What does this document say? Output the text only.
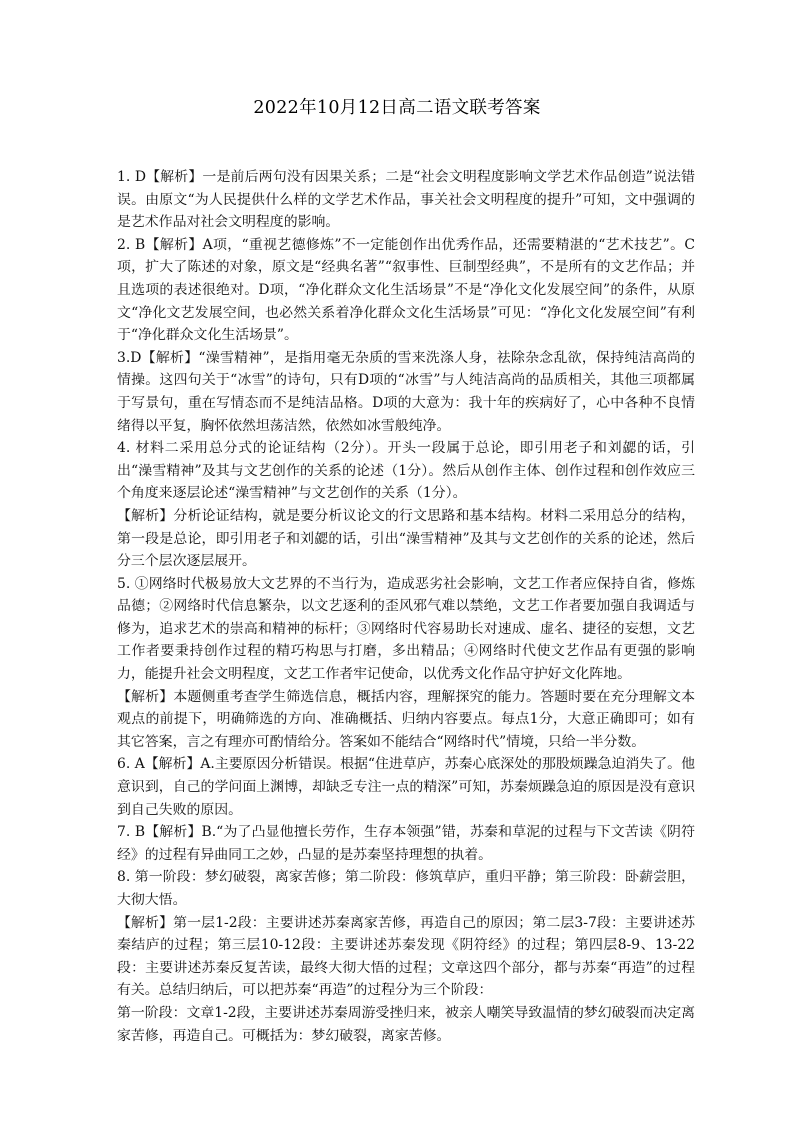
2022年10月12日高二语文联考答案

1. D【解析】一是前后两句没有因果关系；二是“社会文明程度影响文学艺术作品创造”说法错误。由原文“为人民提供什么样的文学艺术作品，事关社会文明程度的提升”可知，文中强调的是艺术作品对社会文明程度的影响。

2. B【解析】A项，“重视艺德修炼”不一定能创作出优秀作品，还需要精湛的“艺术技艺”。C项，扩大了陈述的对象，原文是“经典名著”“叙事性、巨制型经典”，不是所有的文艺作品；并且选项的表述很绝对。D项，“净化群众文化生活场景”不是“净化文化发展空间”的条件，从原文“净化文艺发展空间，也必然关系着净化群众文化生活场景”可见：“净化文化发展空间”有利于“净化群众文化生活场景”。

3.D【解析】“澡雪精神”，是指用毫无杂质的雪来洗涤人身，祛除杂念乱欲，保持纯洁高尚的情操。这四句关于“冰雪”的诗句，只有D项的“冰雪”与人纯洁高尚的品质相关，其他三项都属于写景句，重在写情态而不是纯洁品格。D项的大意为：我十年的疾病好了，心中各种不良情绪得以平复，胸怀依然坦荡洁然，依然如冰雪般纯净。

4. 材料二采用总分式的论证结构（2分）。开头一段属于总论，即引用老子和刘勰的话，引出“澡雪精神”及其与文艺创作的关系的论述（1分）。然后从创作主体、创作过程和创作效应三个角度来逐层论述“澡雪精神”与文艺创作的关系（1分）。

【解析】分析论证结构，就是要分析议论文的行文思路和基本结构。材料二采用总分的结构，第一段是总论，即引用老子和刘勰的话，引出“澡雪精神”及其与文艺创作的关系的论述，然后分三个层次逐层展开。

5. ①网络时代极易放大文艺界的不当行为，造成恶劣社会影响，文艺工作者应保持自省，修炼品德；②网络时代信息繁杂，以文艺逐利的歪风邪气难以禁绝，文艺工作者要加强自我调适与修为，追求艺术的崇高和精神的标杆；③网络时代容易助长对速成、虚名、捷径的妄想，文艺工作者要秉持创作过程的精巧构思与打磨，多出精品；④网络时代使文艺作品有更强的影响力，能提升社会文明程度，文艺工作者牢记使命，以优秀文化作品守护好文化阵地。

【解析】本题侧重考查学生筛选信息，概括内容，理解探究的能力。答题时要在充分理解文本观点的前提下，明确筛选的方向、准确概括、归纳内容要点。每点1分，大意正确即可；如有其它答案，言之有理亦可酌情给分。答案如不能结合“网络时代”情境，只给一半分数。

6. A【解析】A.主要原因分析错误。根据“住进草庐，苏秦心底深处的那股烦躁急迫消失了。他意识到，自己的学问面上渊博，却缺乏专注一点的精深”可知，苏秦烦躁急迫的原因是没有意识到自己失败的原因。

7. B【解析】B.“为了凸显他擅长劳作，生存本领强”错，苏秦和草泥的过程与下文苦读《阴符经》的过程有异曲同工之妙，凸显的是苏秦坚持理想的执着。

8. 第一阶段：梦幻破裂，离家苦修；第二阶段：修筑草庐，重归平静；第三阶段：卧薪尝胆，大彻大悟。

【解析】第一层1-2段：主要讲述苏秦离家苦修，再造自己的原因；第二层3-7段：主要讲述苏秦结庐的过程；第三层10-12段：主要讲述苏秦发现《阴符经》的过程；第四层8-9、13-22段：主要讲述苏秦反复苦读，最终大彻大悟的过程；文章这四个部分，都与苏秦“再造”的过程有关。总结归纳后，可以把苏秦“再造”的过程分为三个阶段：

第一阶段：文章1-2段，主要讲述苏秦周游受挫归来，被亲人嘲笑导致温情的梦幻破裂而决定离家苦修，再造自己。可概括为：梦幻破裂，离家苦修。
